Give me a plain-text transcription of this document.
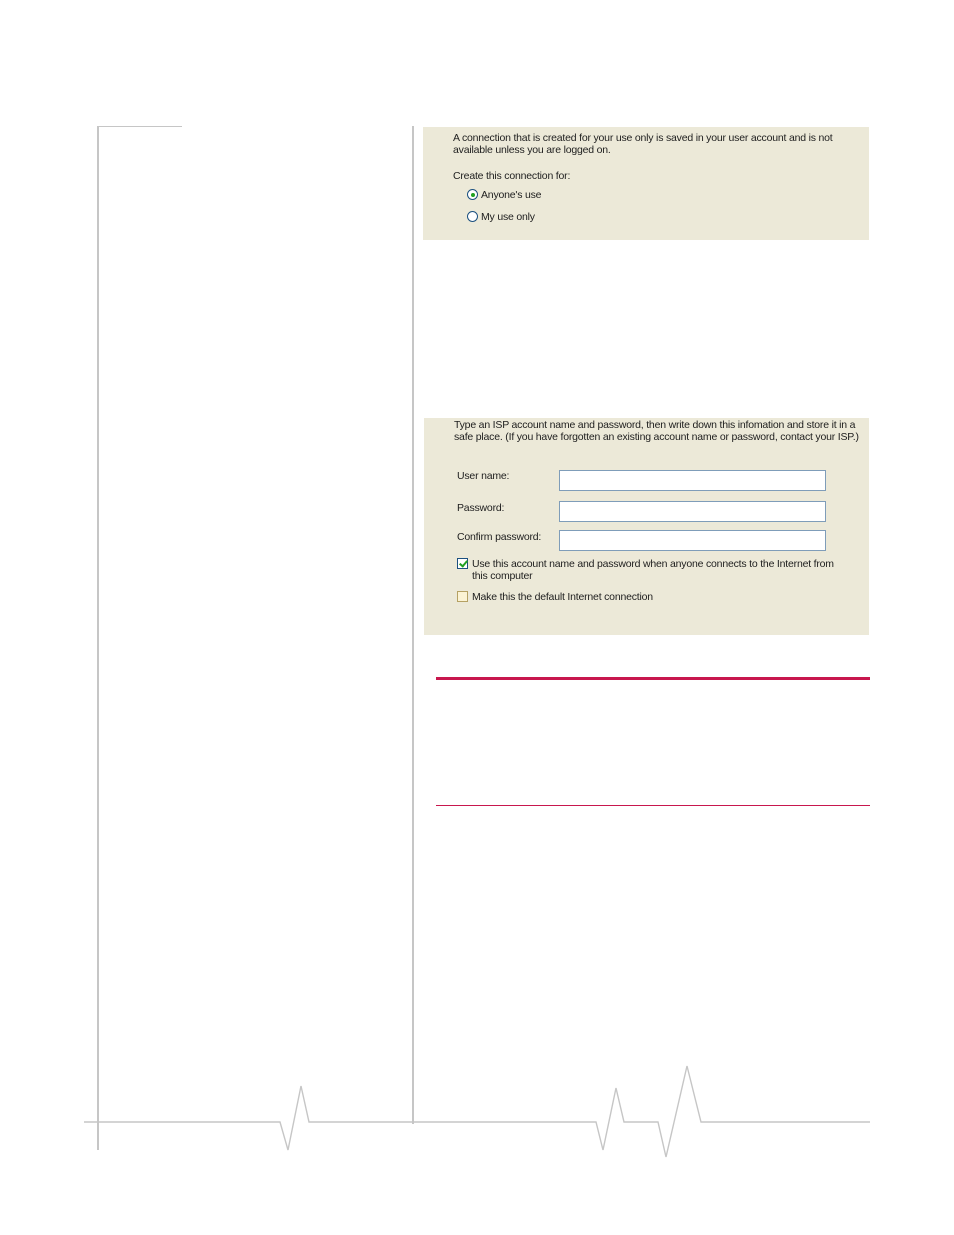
A connection that is created for your use only is saved in your user account and is not

available unless you are logged on.

Create this connection for:

Anyone's use
My use only

Type an ISP account name and password, then write down this infomation and store it in a

safe place. (If you have forgotten an existing account name or password, contact your ISP.)

User name:

Password:

Confirm password:

Use this account name and password when anyone connects to the Internet from
this computer
Make this the default Internet connection
